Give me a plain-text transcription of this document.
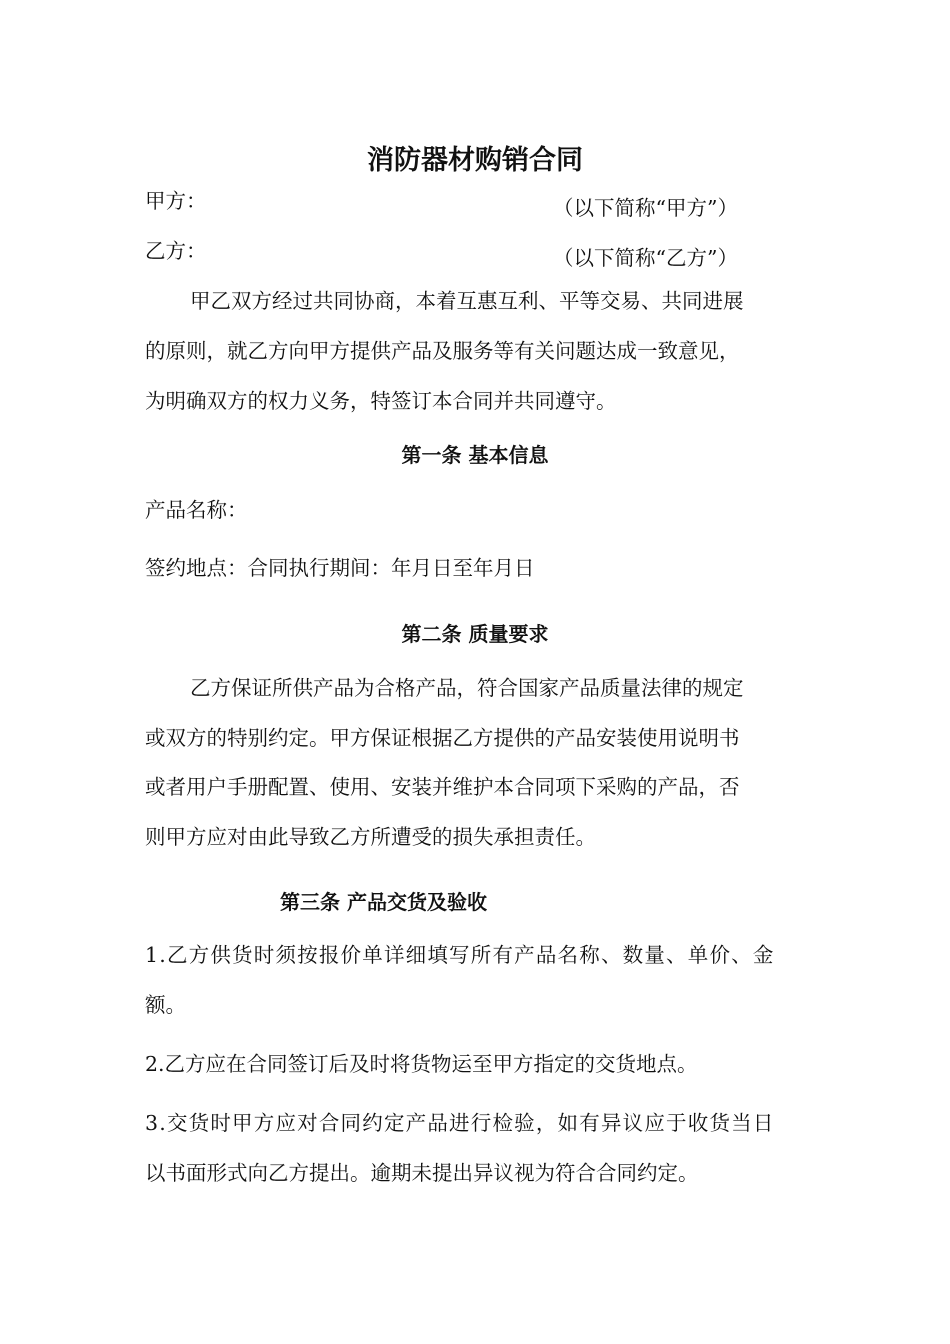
消防器材购销合同
甲方：	（以下简称“甲方”）
乙方：	（以下简称“乙方”）
甲乙双方经过共同协商，本着互惠互利、平等交易、共同进展
的原则，就乙方向甲方提供产品及服务等有关问题达成一致意见，
为明确双方的权力义务，特签订本合同并共同遵守。
第一条 基本信息
产品名称：
签约地点：合同执行期间：年月日至年月日
第二条 质量要求
乙方保证所供产品为合格产品，符合国家产品质量法律的规定
或双方的特别约定。甲方保证根据乙方提供的产品安装使用说明书
或者用户手册配置、使用、安装并维护本合同项下采购的产品，否
则甲方应对由此导致乙方所遭受的损失承担责任。
第三条 产品交货及验收
1.乙方供货时须按报价单详细填写所有产品名称、数量、单价、金
额。
2.乙方应在合同签订后及时将货物运至甲方指定的交货地点。
3.交货时甲方应对合同约定产品进行检验，如有异议应于收货当日
以书面形式向乙方提出。逾期未提出异议视为符合合同约定。
